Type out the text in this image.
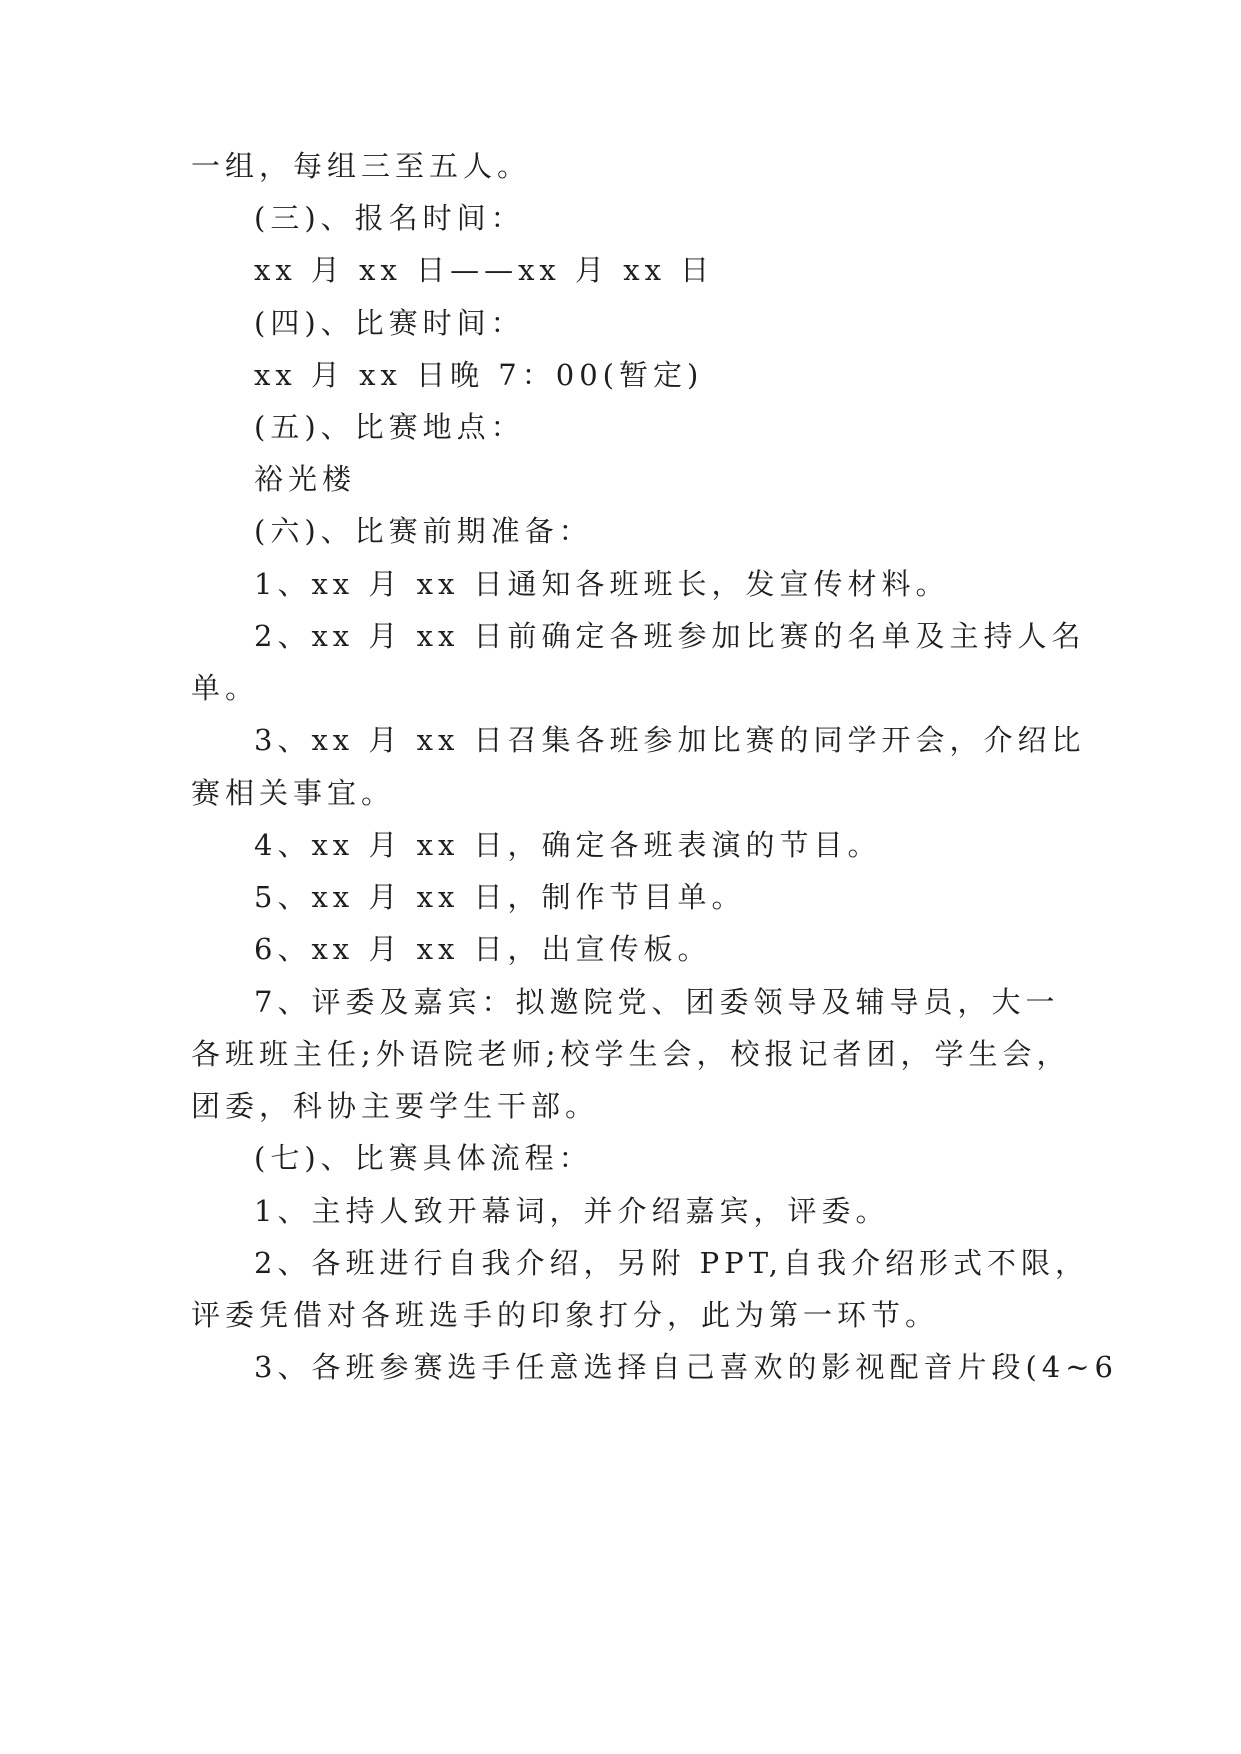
一组，每组三至五人。
(三)、报名时间：
xx 月 xx 日——xx 月 xx 日
(四)、比赛时间：
xx 月 xx 日晚 7：00(暂定)
(五)、比赛地点：
裕光楼
(六)、比赛前期准备：
1、xx 月 xx 日通知各班班长，发宣传材料。
2、xx 月 xx 日前确定各班参加比赛的名单及主持人名
单。
3、xx 月 xx 日召集各班参加比赛的同学开会，介绍比
赛相关事宜。
4、xx 月 xx 日，确定各班表演的节目。
5、xx 月 xx 日，制作节目单。
6、xx 月 xx 日，出宣传板。
7、评委及嘉宾：拟邀院党、团委领导及辅导员，大一
各班班主任;外语院老师;校学生会，校报记者团，学生会，
团委，科协主要学生干部。
(七)、比赛具体流程：
1、主持人致开幕词，并介绍嘉宾，评委。
2、各班进行自我介绍，另附 PPT,自我介绍形式不限，
评委凭借对各班选手的印象打分，此为第一环节。
3、各班参赛选手任意选择自己喜欢的影视配音片段(4~6
